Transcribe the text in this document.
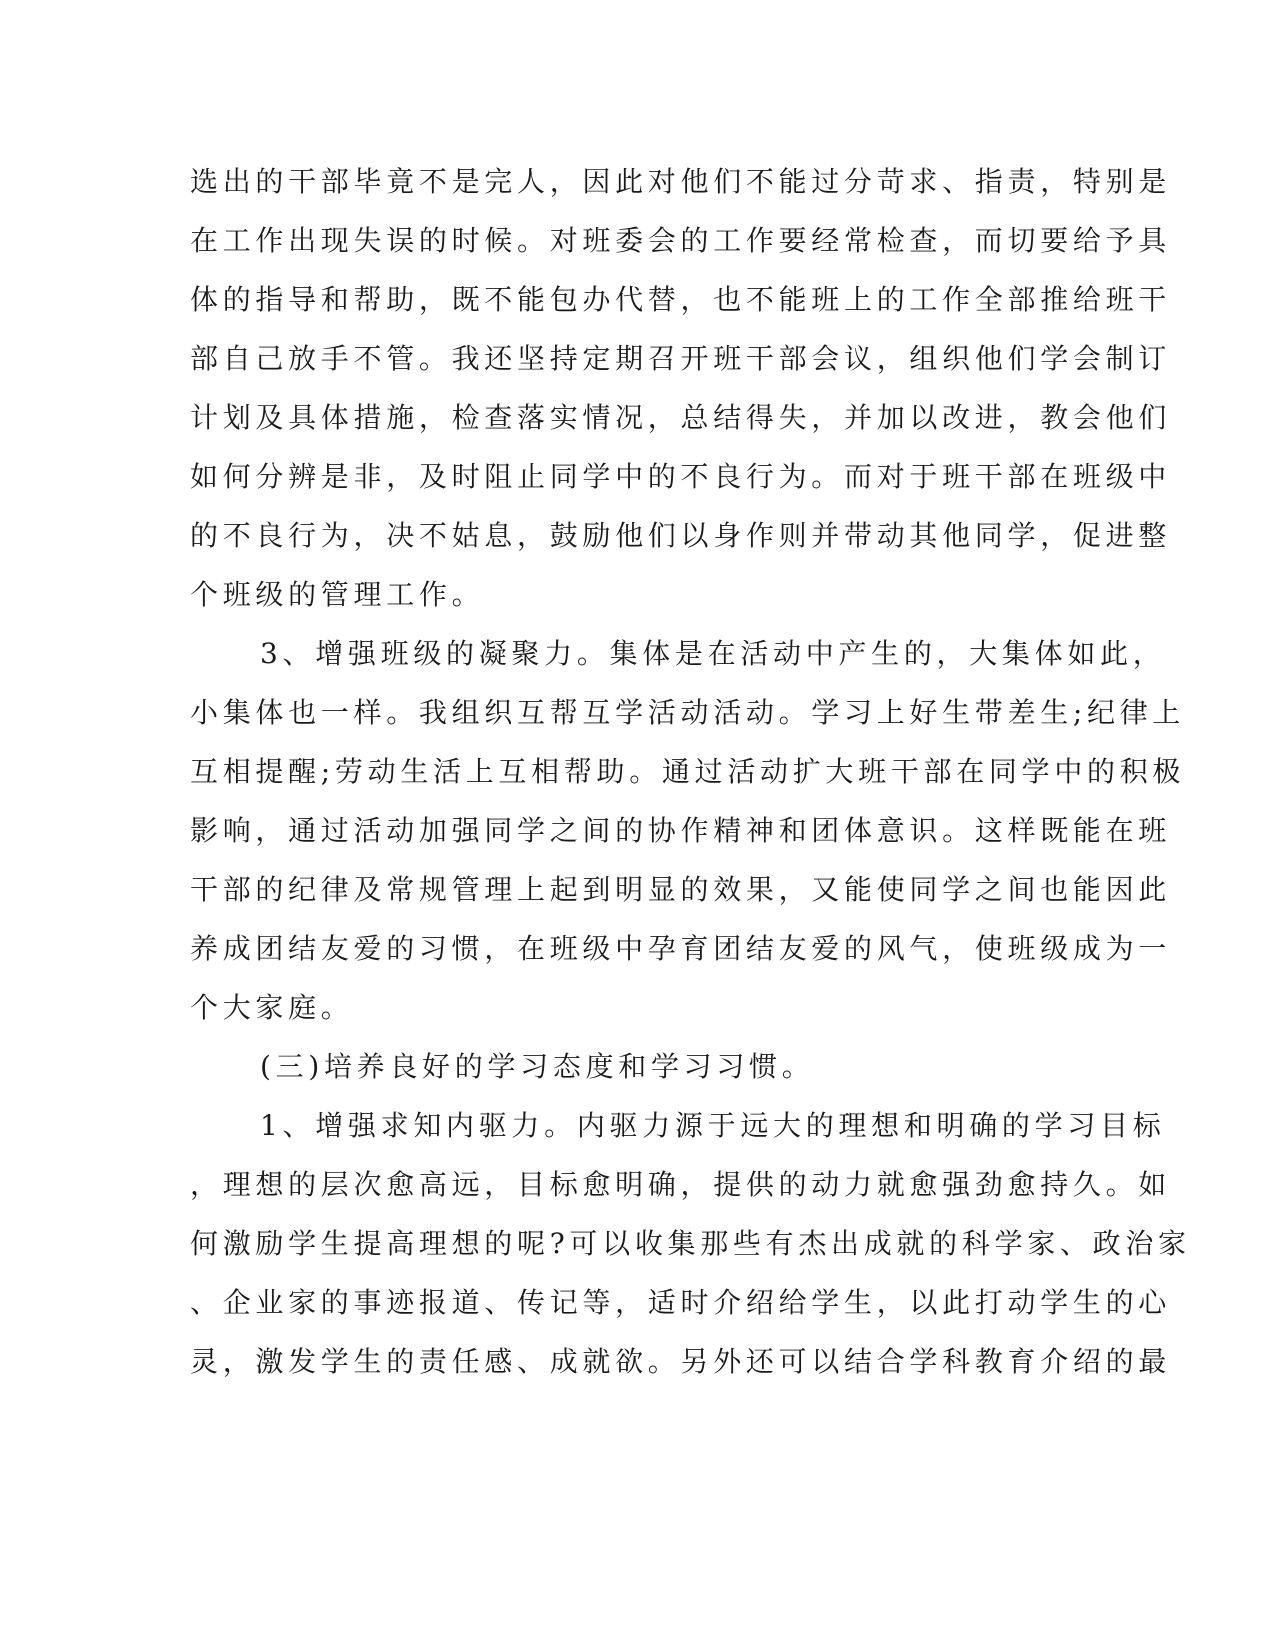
选出的干部毕竟不是完人，因此对他们不能过分苛求、指责，特别是
在工作出现失误的时候。对班委会的工作要经常检查，而切要给予具
体的指导和帮助，既不能包办代替，也不能班上的工作全部推给班干
部自己放手不管。我还坚持定期召开班干部会议，组织他们学会制订
计划及具体措施，检查落实情况，总结得失，并加以改进，教会他们
如何分辨是非，及时阻止同学中的不良行为。而对于班干部在班级中
的不良行为，决不姑息，鼓励他们以身作则并带动其他同学，促进整
个班级的管理工作。
3、增强班级的凝聚力。集体是在活动中产生的，大集体如此，
小集体也一样。我组织互帮互学活动活动。学习上好生带差生;纪律上
互相提醒;劳动生活上互相帮助。通过活动扩大班干部在同学中的积极
影响，通过活动加强同学之间的协作精神和团体意识。这样既能在班
干部的纪律及常规管理上起到明显的效果，又能使同学之间也能因此
养成团结友爱的习惯，在班级中孕育团结友爱的风气，使班级成为一
个大家庭。
(三)培养良好的学习态度和学习习惯。
1、增强求知内驱力。内驱力源于远大的理想和明确的学习目标
，理想的层次愈高远，目标愈明确，提供的动力就愈强劲愈持久。如
何激励学生提高理想的呢?可以收集那些有杰出成就的科学家、政治家
、企业家的事迹报道、传记等，适时介绍给学生，以此打动学生的心
灵，激发学生的责任感、成就欲。另外还可以结合学科教育介绍的最
